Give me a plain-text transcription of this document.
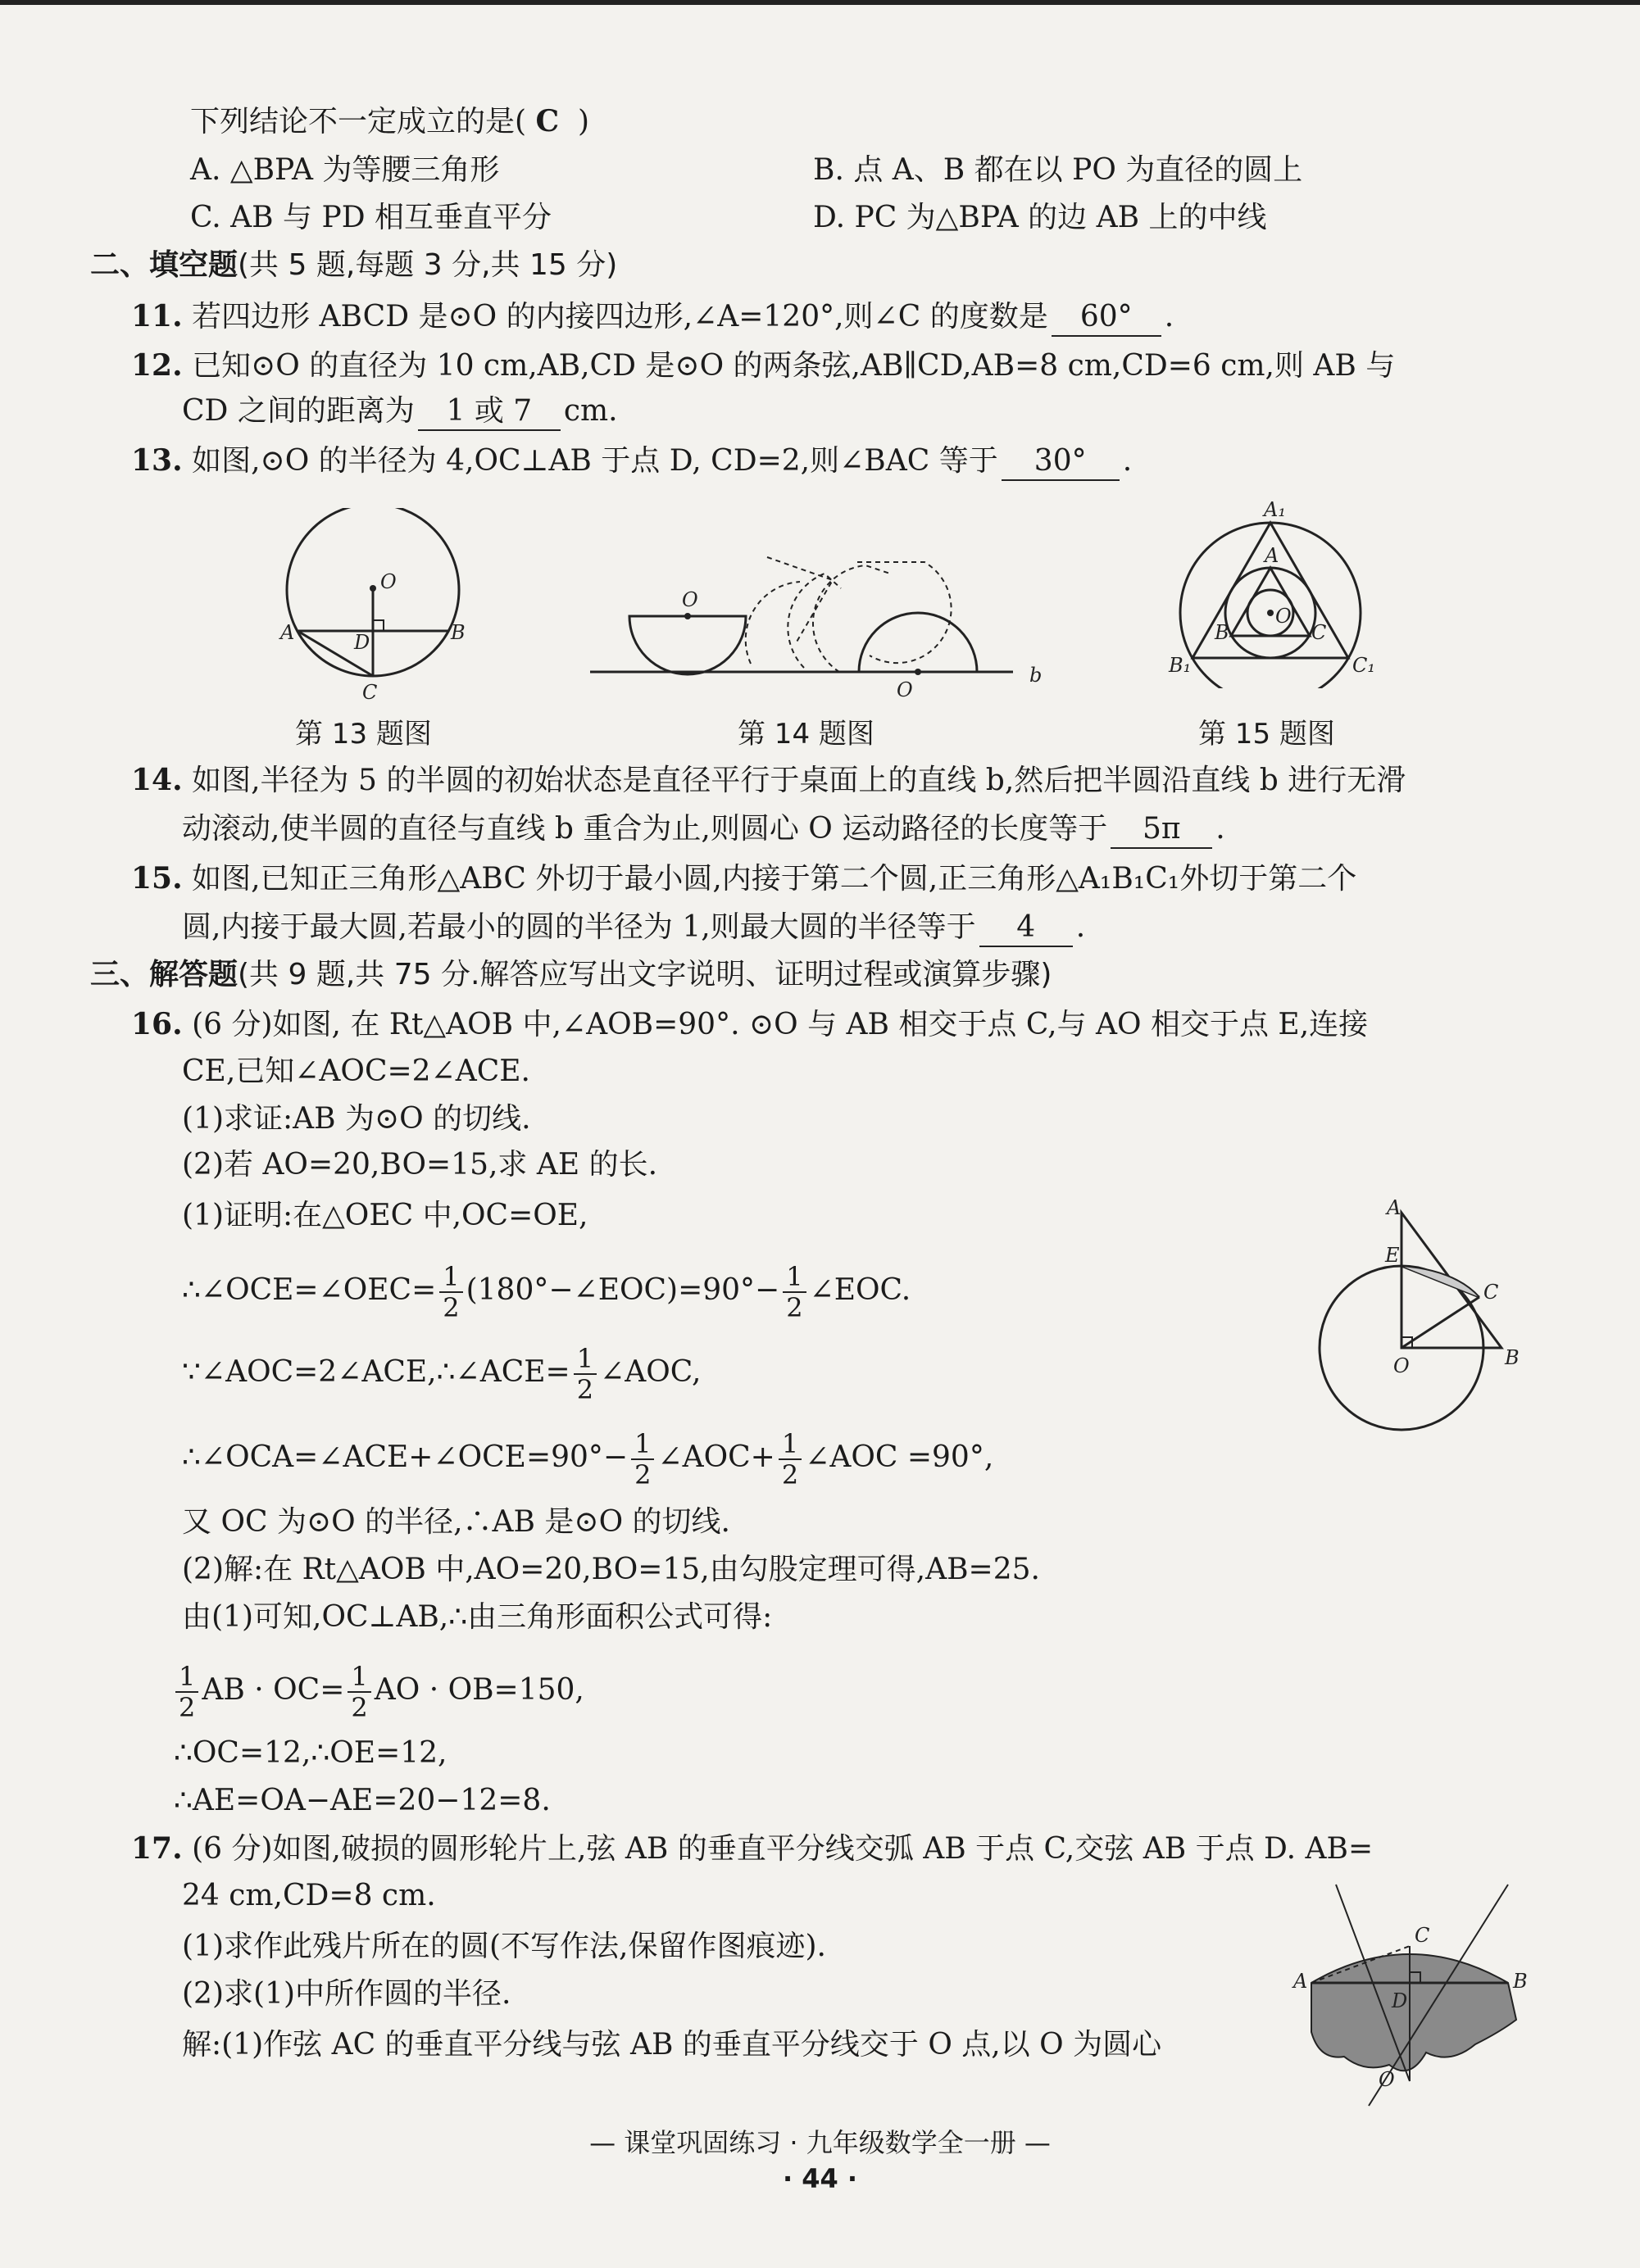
下列结论不一定成立的是( C )
A. △BPA 为等腰三角形	B. 点 A、B 都在以 PO 为直径的圆上
C. AB 与 PD 相互垂直平分	D. PC 为△BPA 的边 AB 上的中线
二、填空题(共 5 题,每题 3 分,共 15 分)
11. 若四边形 ABCD 是⊙O 的内接四边形,∠A=120°,则∠C 的度数是 60° .
12. 已知⊙O 的直径为 10 cm,AB,CD 是⊙O 的两条弦,AB∥CD,AB=8 cm,CD=6 cm,则 AB 与
CD 之间的距离为 1 或 7 cm.
13. 如图,⊙O 的半径为 4,OC⊥AB 于点 D, CD=2,则∠BAC 等于 30° .
O
A	B
D
C
第 13 题图
O
O
b
第 14 题图
A₁
A
B	C
O
B₁	C₁
第 15 题图
14. 如图,半径为 5 的半圆的初始状态是直径平行于桌面上的直线 b,然后把半圆沿直线 b 进行无滑
动滚动,使半圆的直径与直线 b 重合为止,则圆心 O 运动路径的长度等于 5π .
15. 如图,已知正三角形△ABC 外切于最小圆,内接于第二个圆,正三角形△A₁B₁C₁外切于第二个
圆,内接于最大圆,若最小的圆的半径为 1,则最大圆的半径等于 4 .
三、解答题(共 9 题,共 75 分.解答应写出文字说明、证明过程或演算步骤)
16. (6 分)如图, 在 Rt△AOB 中,∠AOB=90°. ⊙O 与 AB 相交于点 C,与 AO 相交于点 E,连接
CE,已知∠AOC=2∠ACE.
(1)求证:AB 为⊙O 的切线.
(2)若 AO=20,BO=15,求 AE 的长.
(1)证明:在△OEC 中,OC=OE,
∴∠OCE=∠OEC= $\frac{1}{2}$ (180°−∠EOC)=90°− $\frac{1}{2}$ ∠EOC.
∵∠AOC=2∠ACE,∴∠ACE= $\frac{1}{2}$ ∠AOC,
∴∠OCA=∠ACE+∠OCE=90°− $\frac{1}{2}$ ∠AOC+ $\frac{1}{2}$ ∠AOC =90°,
又 OC 为⊙O 的半径,∴AB 是⊙O 的切线.
(2)解:在 Rt△AOB 中,AO=20,BO=15,由勾股定理可得,AB=25.
由(1)可知,OC⊥AB,∴由三角形面积公式可得:
$\frac{1}{2}$ AB · $OC= \frac{1}{2}$ AO · OB=150,
∴OC=12,∴OE=12,
∴AE=OA−AE=20−12=8.
A
E
C
O	B
17. (6 分)如图,破损的圆形轮片上,弦 AB 的垂直平分线交弧 AB 于点 C,交弦 AB 于点 D. AB=
24 cm,CD=8 cm.
(1)求作此残片所在的圆(不写作法,保留作图痕迹).
(2)求(1)中所作圆的半径.
解:(1)作弦 AC 的垂直平分线与弦 AB 的垂直平分线交于 O 点,以 O 为圆心
C
A	B
D
O
— 课堂巩固练习 · 九年级数学全一册 —
· 44 ·
